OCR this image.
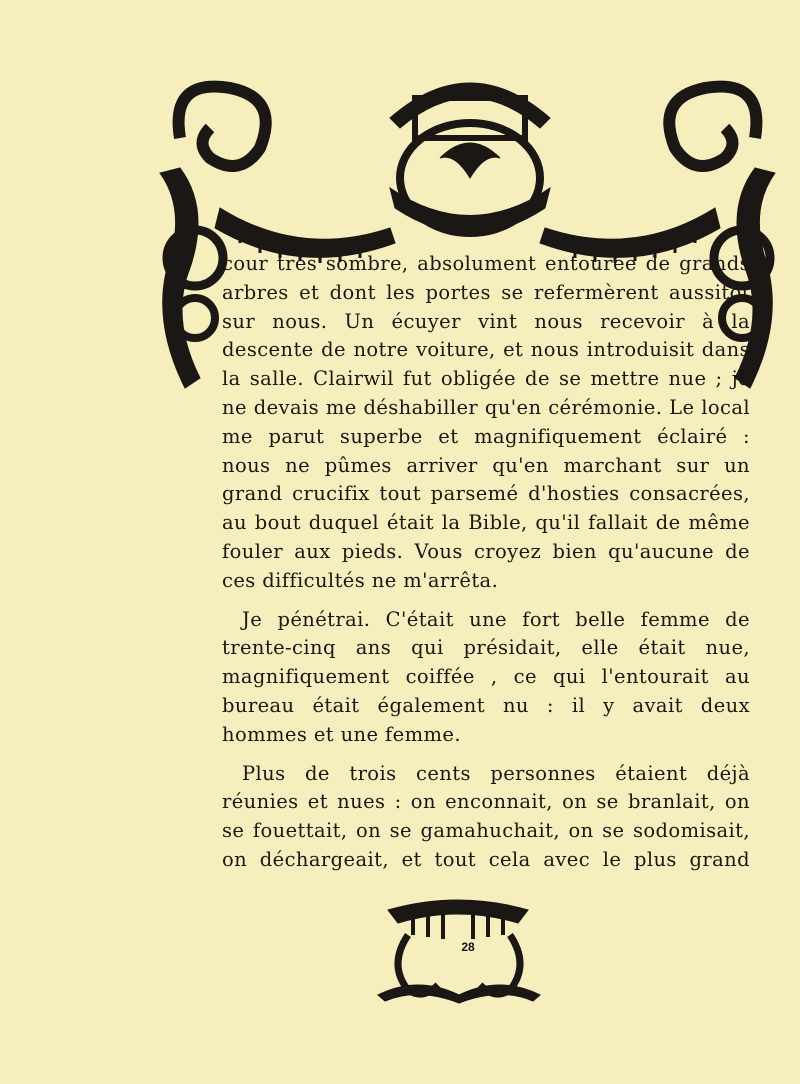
cour très sombre, absolument entourée de grands arbres et dont les portes se refermèrent aussitôt sur nous. Un écuyer vint nous recevoir à la descente de notre voiture, et nous introduisit dans la salle. Clairwil fut obligée de se mettre nue ; je ne devais me déshabiller qu'en cérémonie. Le local me parut superbe et magnifiquement éclairé : nous ne pûmes arriver qu'en marchant sur un grand crucifix tout parsemé d'hosties consacrées, au bout duquel était la Bible, qu'il fallait de même fouler aux pieds. Vous croyez bien qu'aucune de ces difficultés ne m'arrêta.

Je pénétrai. C'était une fort belle femme de trente-cinq ans qui présidait, elle était nue, magnifiquement coiffée , ce qui l'entourait au bureau était également nu : il y avait deux hommes et une femme.

Plus de trois cents personnes étaient déjà réunies et nues : on enconnait, on se branlait, on se fouettait, on se gamahuchait, on se sodomisait, on déchargeait, et tout cela avec le plus grand

28
